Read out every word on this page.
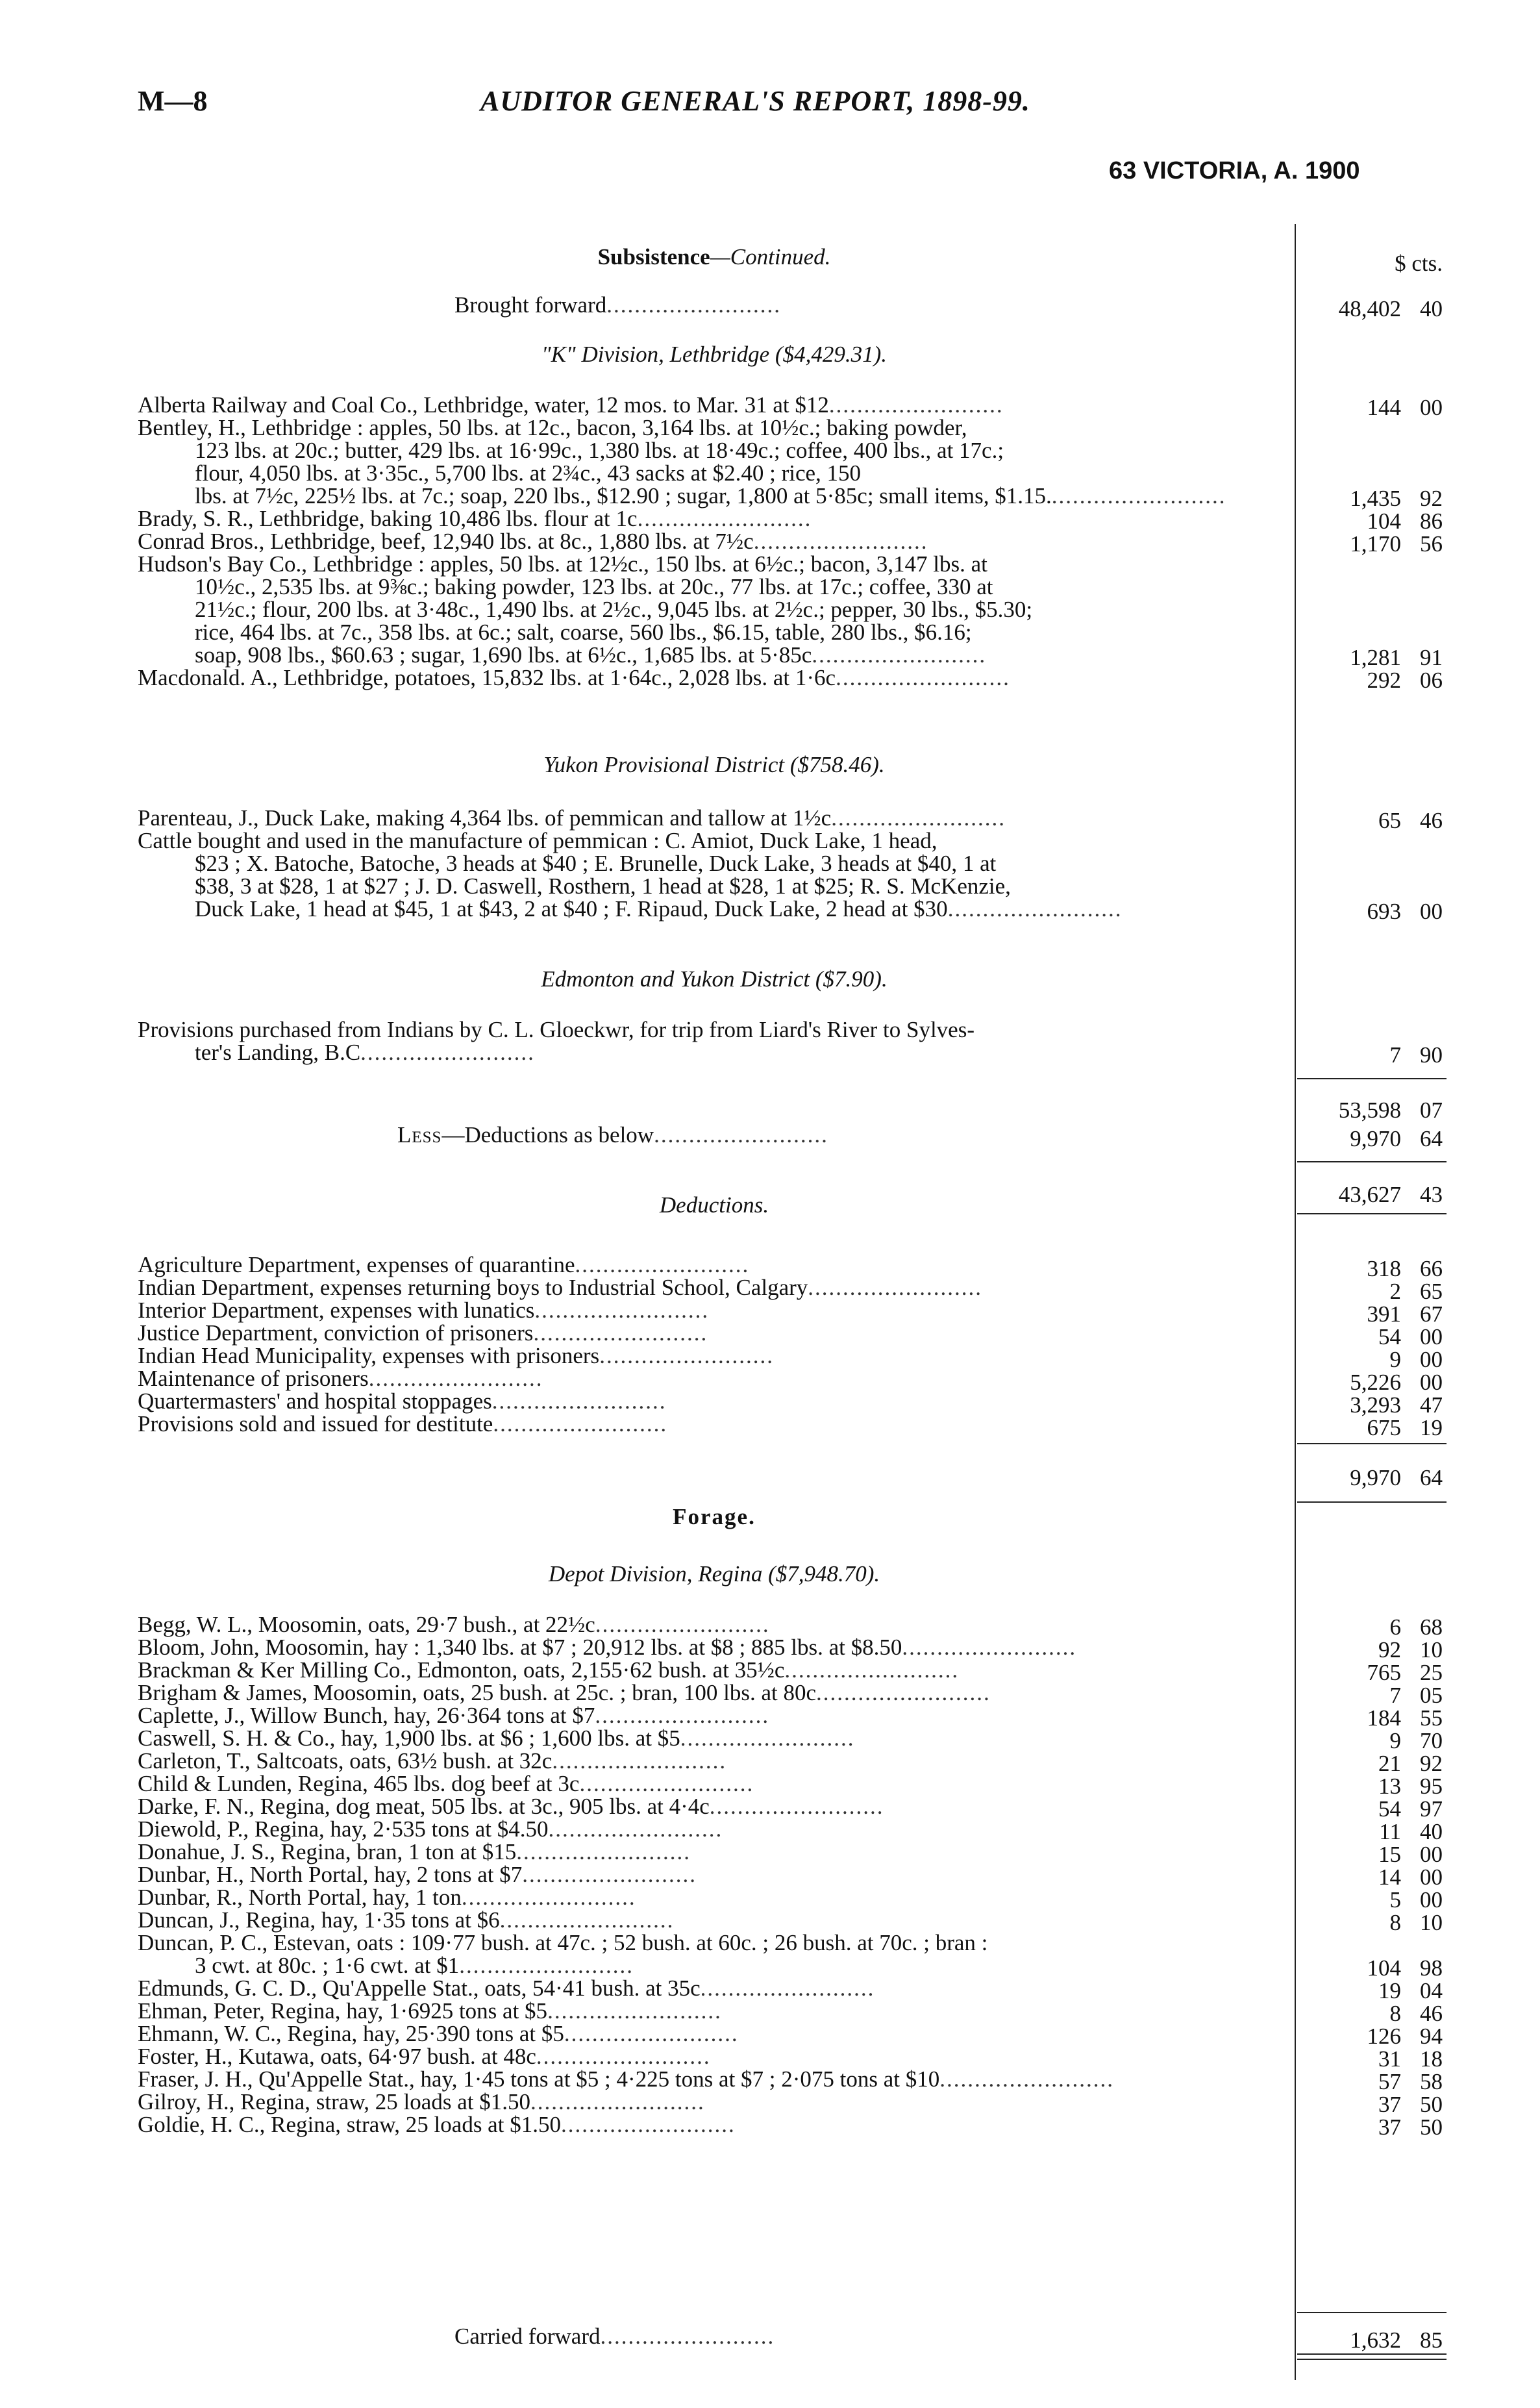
M—8	AUDITOR GENERAL'S REPORT, 1898-99.
63 VICTORIA, A. 1900
Subsistence—Continued.	$ cts.
Brought forward.........................	48,402 40
"K" Division, Lethbridge ($4,429.31).
Alberta Railway and Coal Co., Lethbridge, water, 12 mos. to Mar. 31 at $12.........................	144 00
Bentley, H., Lethbridge : apples, 50 lbs. at 12c., bacon, 3,164 lbs. at 10½c.; baking powder,
123 lbs. at 20c.; butter, 429 lbs. at 16·99c., 1,380 lbs. at 18·49c.; coffee, 400 lbs., at 17c.;
flour, 4,050 lbs. at 3·35c., 5,700 lbs. at 2¾c., 43 sacks at $2.40 ; rice, 150
lbs. at 7½c, 225½ lbs. at 7c.; soap, 220 lbs., $12.90 ; sugar, 1,800 at 5·85c; small items, $1.15..........................	1,435 92
Brady, S. R., Lethbridge, baking 10,486 lbs. flour at 1c.........................	104 86
Conrad Bros., Lethbridge, beef, 12,940 lbs. at 8c., 1,880 lbs. at 7½c.........................	1,170 56
Hudson's Bay Co., Lethbridge : apples, 50 lbs. at 12½c., 150 lbs. at 6½c.; bacon, 3,147 lbs. at
10½c., 2,535 lbs. at 9⅜c.; baking powder, 123 lbs. at 20c., 77 lbs. at 17c.; coffee, 330 at
21½c.; flour, 200 lbs. at 3·48c., 1,490 lbs. at 2½c., 9,045 lbs. at 2½c.; pepper, 30 lbs., $5.30;
rice, 464 lbs. at 7c., 358 lbs. at 6c.; salt, coarse, 560 lbs., $6.15, table, 280 lbs., $6.16;
soap, 908 lbs., $60.63 ; sugar, 1,690 lbs. at 6½c., 1,685 lbs. at 5·85c.........................	1,281 91
Macdonald. A., Lethbridge, potatoes, 15,832 lbs. at 1·64c., 2,028 lbs. at 1·6c.........................	292 06
Yukon Provisional District ($758.46).
Parenteau, J., Duck Lake, making 4,364 lbs. of pemmican and tallow at 1½c.........................	65 46
Cattle bought and used in the manufacture of pemmican : C. Amiot, Duck Lake, 1 head,
$23 ; X. Batoche, Batoche, 3 heads at $40 ; E. Brunelle, Duck Lake, 3 heads at $40, 1 at
$38, 3 at $28, 1 at $27 ; J. D. Caswell, Rosthern, 1 head at $28, 1 at $25; R. S. McKenzie,
Duck Lake, 1 head at $45, 1 at $43, 2 at $40 ; F. Ripaud, Duck Lake, 2 head at $30.........................	693 00
Edmonton and Yukon District ($7.90).
Provisions purchased from Indians by C. L. Gloeckwr, for trip from Liard's River to Sylves-
ter's Landing, B.C.........................	7 90
53,598 07
Less—Deductions as below.........................	9,970 64
43,627 43
Deductions.
Agriculture Department, expenses of quarantine.........................	318 66
Indian Department, expenses returning boys to Industrial School, Calgary.........................	2 65
Interior Department, expenses with lunatics.........................	391 67
Justice Department, conviction of prisoners.........................	54 00
Indian Head Municipality, expenses with prisoners.........................	9 00
Maintenance of prisoners.........................	5,226 00
Quartermasters' and hospital stoppages.........................	3,293 47
Provisions sold and issued for destitute.........................	675 19
9,970 64
Forage.
Depot Division, Regina ($7,948.70).
Begg, W. L., Moosomin, oats, 29·7 bush., at 22½c.........................	6 68
Bloom, John, Moosomin, hay : 1,340 lbs. at $7 ; 20,912 lbs. at $8 ; 885 lbs. at $8.50.........................	92 10
Brackman & Ker Milling Co., Edmonton, oats, 2,155·62 bush. at 35½c.........................	765 25
Brigham & James, Moosomin, oats, 25 bush. at 25c. ; bran, 100 lbs. at 80c.........................	7 05
Caplette, J., Willow Bunch, hay, 26·364 tons at $7.........................	184 55
Caswell, S. H. & Co., hay, 1,900 lbs. at $6 ; 1,600 lbs. at $5.........................	9 70
Carleton, T., Saltcoats, oats, 63½ bush. at 32c.........................	21 92
Child & Lunden, Regina, 465 lbs. dog beef at 3c.........................	13 95
Darke, F. N., Regina, dog meat, 505 lbs. at 3c., 905 lbs. at 4·4c.........................	54 97
Diewold, P., Regina, hay, 2·535 tons at $4.50.........................	11 40
Donahue, J. S., Regina, bran, 1 ton at $15.........................	15 00
Dunbar, H., North Portal, hay, 2 tons at $7.........................	14 00
Dunbar, R., North Portal, hay, 1 ton.........................	5 00
Duncan, J., Regina, hay, 1·35 tons at $6.........................	8 10
Duncan, P. C., Estevan, oats : 109·77 bush. at 47c. ; 52 bush. at 60c. ; 26 bush. at 70c. ; bran :
3 cwt. at 80c. ; 1·6 cwt. at $1.........................	104 98
Edmunds, G. C. D., Qu'Appelle Stat., oats, 54·41 bush. at 35c.........................	19 04
Ehman, Peter, Regina, hay, 1·6925 tons at $5.........................	8 46
Ehmann, W. C., Regina, hay, 25·390 tons at $5.........................	126 94
Foster, H., Kutawa, oats, 64·97 bush. at 48c.........................	31 18
Fraser, J. H., Qu'Appelle Stat., hay, 1·45 tons at $5 ; 4·225 tons at $7 ; 2·075 tons at $10.........................	57 58
Gilroy, H., Regina, straw, 25 loads at $1.50.........................	37 50
Goldie, H. C., Regina, straw, 25 loads at $1.50.........................	37 50
Carried forward.........................	1,632 85
